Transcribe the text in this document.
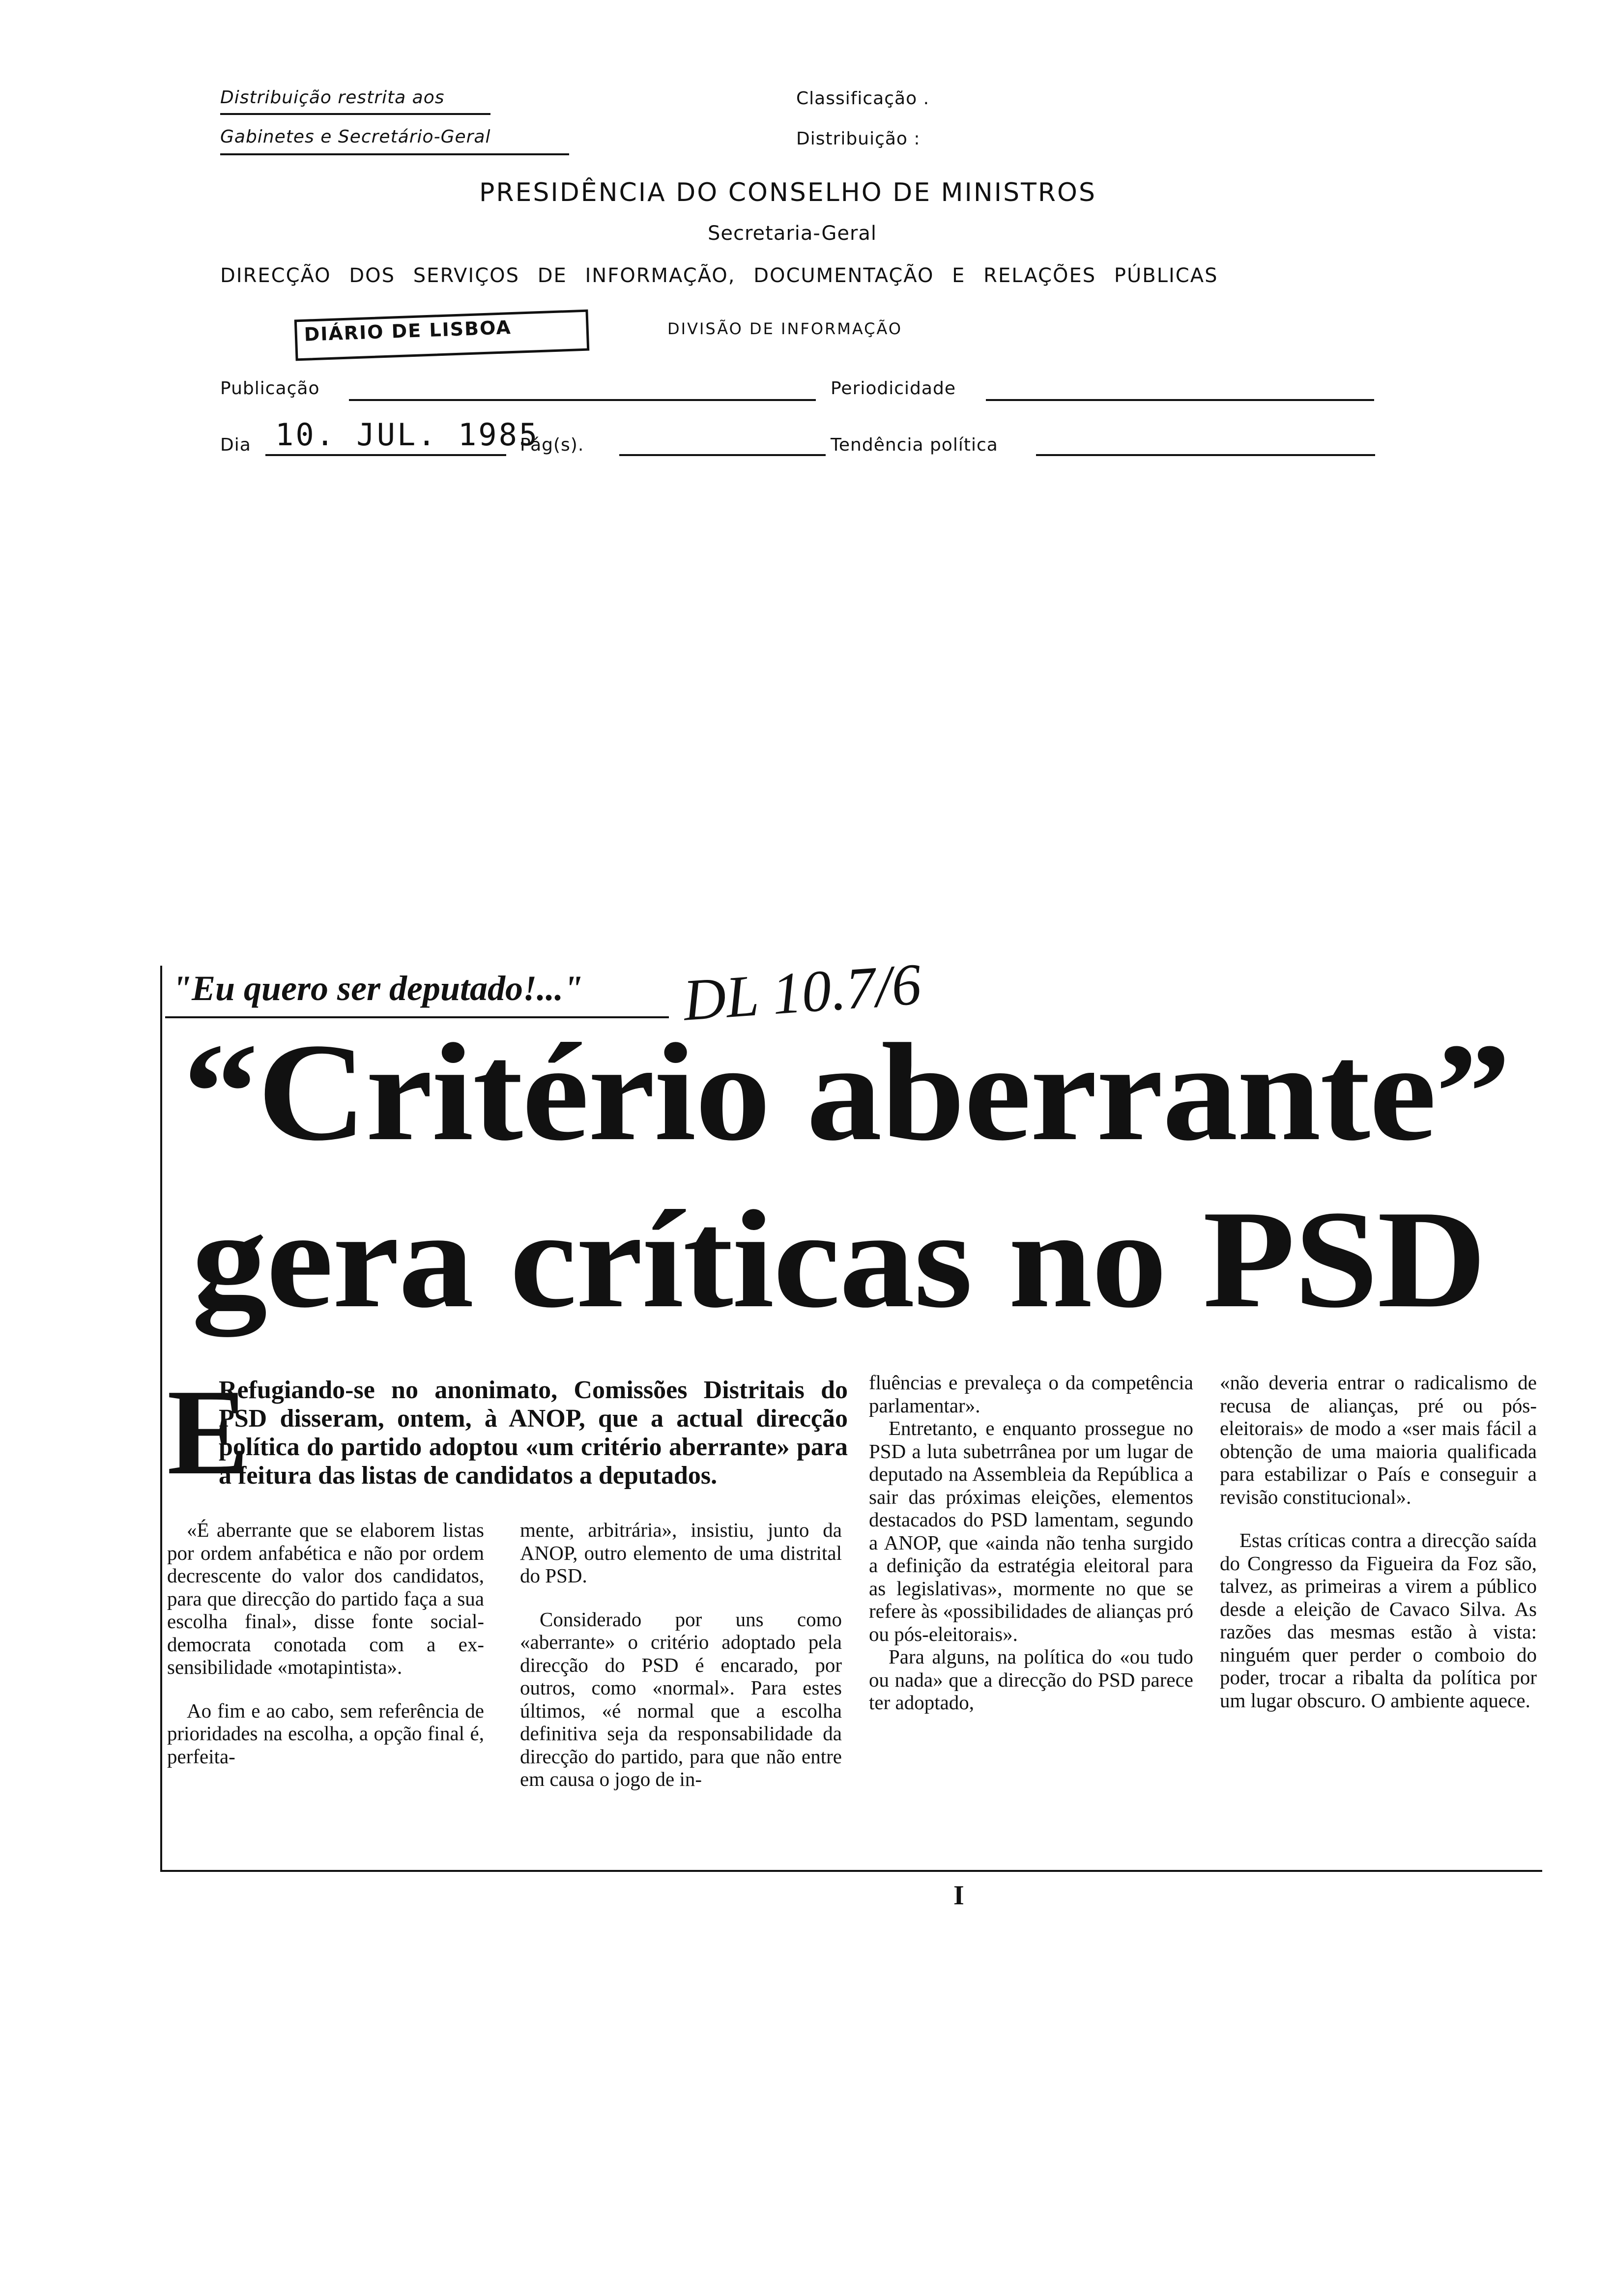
Distribuição restrita aos
Gabinetes e Secretário-Geral
Classificação .
Distribuição :
PRESIDÊNCIA DO CONSELHO DE MINISTROS
Secretaria-Geral
DIRECÇÃO DOS SERVIÇOS DE INFORMAÇÃO, DOCUMENTAÇÃO E RELAÇÕES PÚBLICAS
DIÁRIO DE LISBOA	DIVISÃO DE INFORMAÇÃO
Publicação	Periodicidade
Dia 10. JUL. 1985
Pág(s).	Tendência política
"Eu quero ser deputado!..." DL 10.7/6
“Critério aberrante”
gera críticas no PSD
E
Refugiando-se no anonimato, Comissões Distritais do PSD disseram, ontem, à ANOP, que a actual direcção política do partido adoptou «um critério aberrante» para a feitura das listas de candidatos a deputados.

«É aberrante que se elaborem listas por ordem anfabética e não por ordem decrescente do valor dos candidatos, para que direcção do partido faça a sua escolha final», disse fonte social-democrata conotada com a ex-sensibilidade «motapintista».

Ao fim e ao cabo, sem referência de prioridades na escolha, a opção final é, perfeita-

mente, arbitrária», insistiu, junto da ANOP, outro elemento de uma distrital do PSD.

Considerado por uns como «aberrante» o critério adoptado pela direcção do PSD é encarado, por outros, como «normal». Para estes últimos, «é normal que a escolha definitiva seja da responsabilidade da direcção do partido, para que não entre em causa o jogo de in-

fluências e prevaleça o da competência parlamentar».

Entretanto, e enquanto prossegue no PSD a luta subetrrânea por um lugar de deputado na Assembleia da República a sair das próximas eleições, elementos destacados do PSD lamentam, segundo a ANOP, que «ainda não tenha surgido a definição da estratégia eleitoral para as legislativas», mormente no que se refere às «possibilidades de alianças pró ou pós-eleitorais».

Para alguns, na política do «ou tudo ou nada» que a direcção do PSD parece ter adoptado,

«não deveria entrar o radicalismo de recusa de alianças, pré ou pós-eleitorais» de modo a «ser mais fácil a obtenção de uma maioria qualificada para estabilizar o País e conseguir a revisão constitucional».

Estas críticas contra a direcção saída do Congresso da Figueira da Foz são, talvez, as primeiras a virem a público desde a eleição de Cavaco Silva. As razões das mesmas estão à vista: ninguém quer perder o comboio do poder, trocar a ribalta da política por um lugar obscuro. O ambiente aquece.

I
